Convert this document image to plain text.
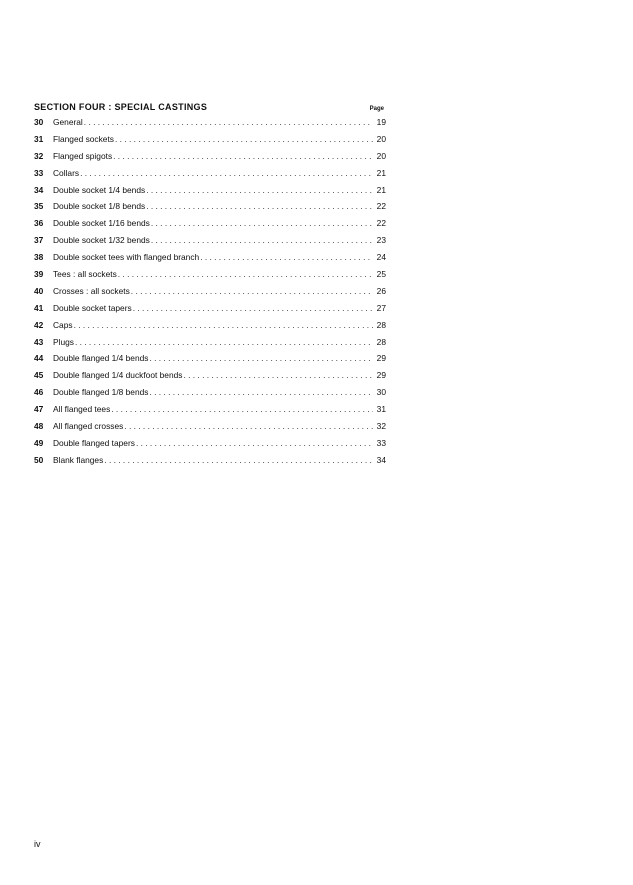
SECTION FOUR : SPECIAL CASTINGS	Page
30	General . . .	19
31	Flanged sockets . . .	20
32	Flanged spigots . . .	20
33	Collars . . .	21
34	Double socket 1/4 bends . . .	21
35	Double socket 1/8 bends . . .	22
36	Double socket 1/16 bends . . .	22
37	Double socket 1/32 bends . . .	23
38	Double socket tees with flanged branch . . .	24
39	Tees : all sockets . . .	25
40	Crosses : all sockets . . .	26
41	Double socket tapers . . .	27
42	Caps . . .	28
43	Plugs . . .	28
44	Double flanged 1/4 bends . . .	29
45	Double flanged 1/4 duckfoot bends . . .	29
46	Double flanged 1/8 bends . . .	30
47	All flanged tees . . .	31
48	All flanged crosses . . .	32
49	Double flanged tapers . . .	33
50	Blank flanges . . .	34
iv
